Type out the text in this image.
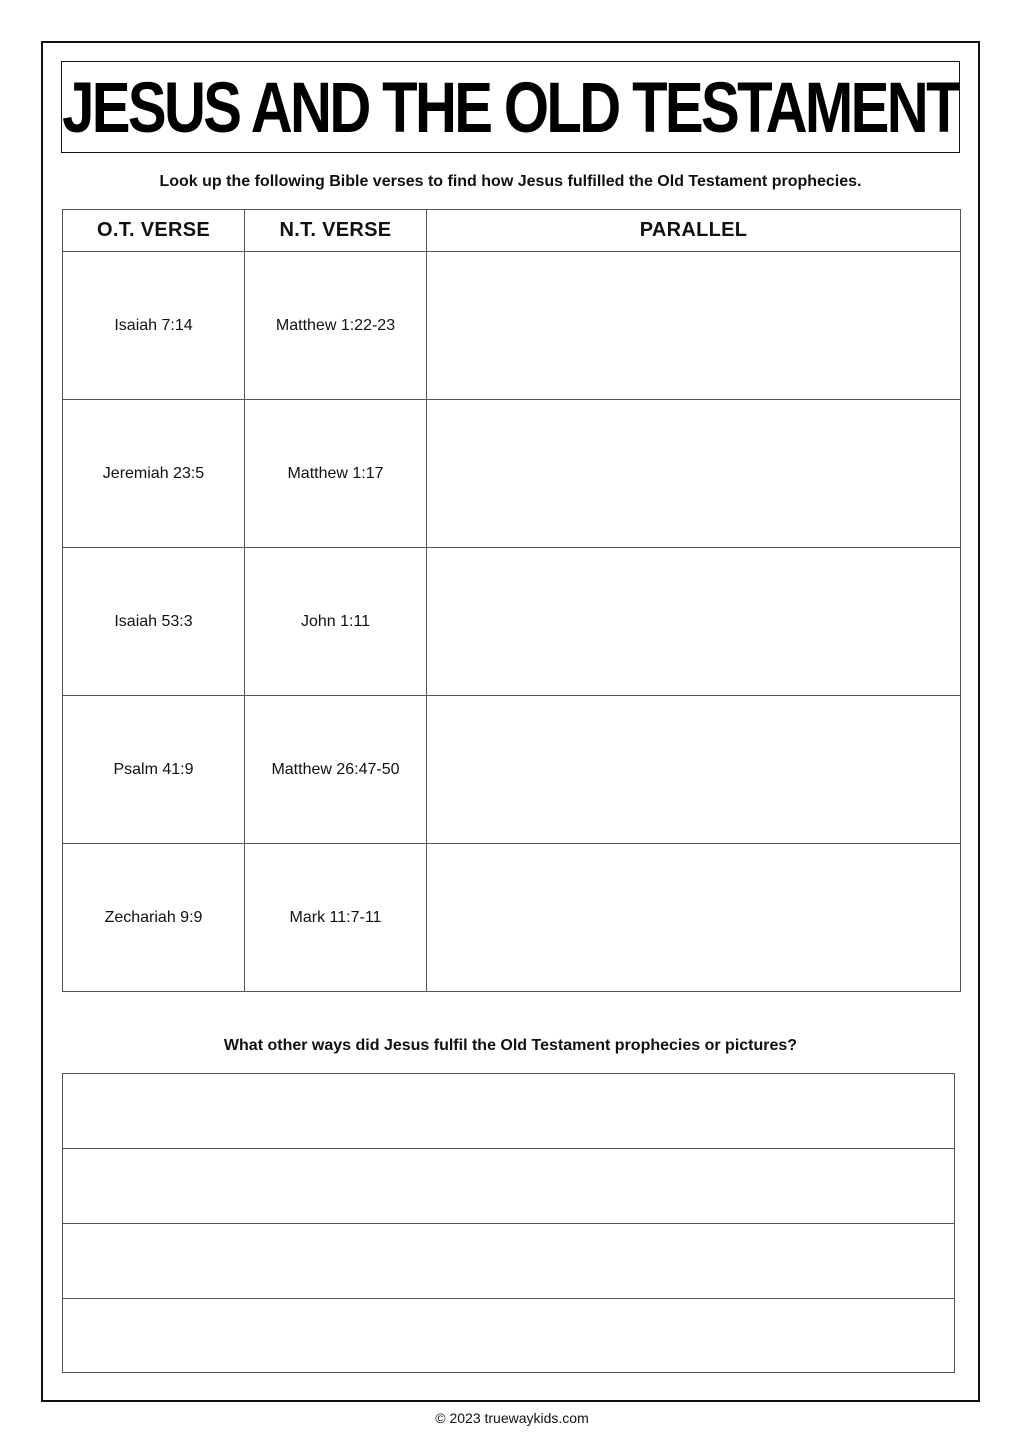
JESUS AND THE OLD TESTAMENT
Look up the following Bible verses to find how Jesus fulfilled the Old Testament prophecies.
O.T. VERSE	N.T. VERSE	PARALLEL
Isaiah 7:14	Matthew 1:22-23	
Jeremiah 23:5	Matthew 1:17	
Isaiah 53:3	John 1:11	
Psalm 41:9	Matthew 26:47-50	
Zechariah 9:9	Mark 11:7-11	
What other ways did Jesus fulfil the Old Testament prophecies or pictures?
© 2023 truewaykids.com
